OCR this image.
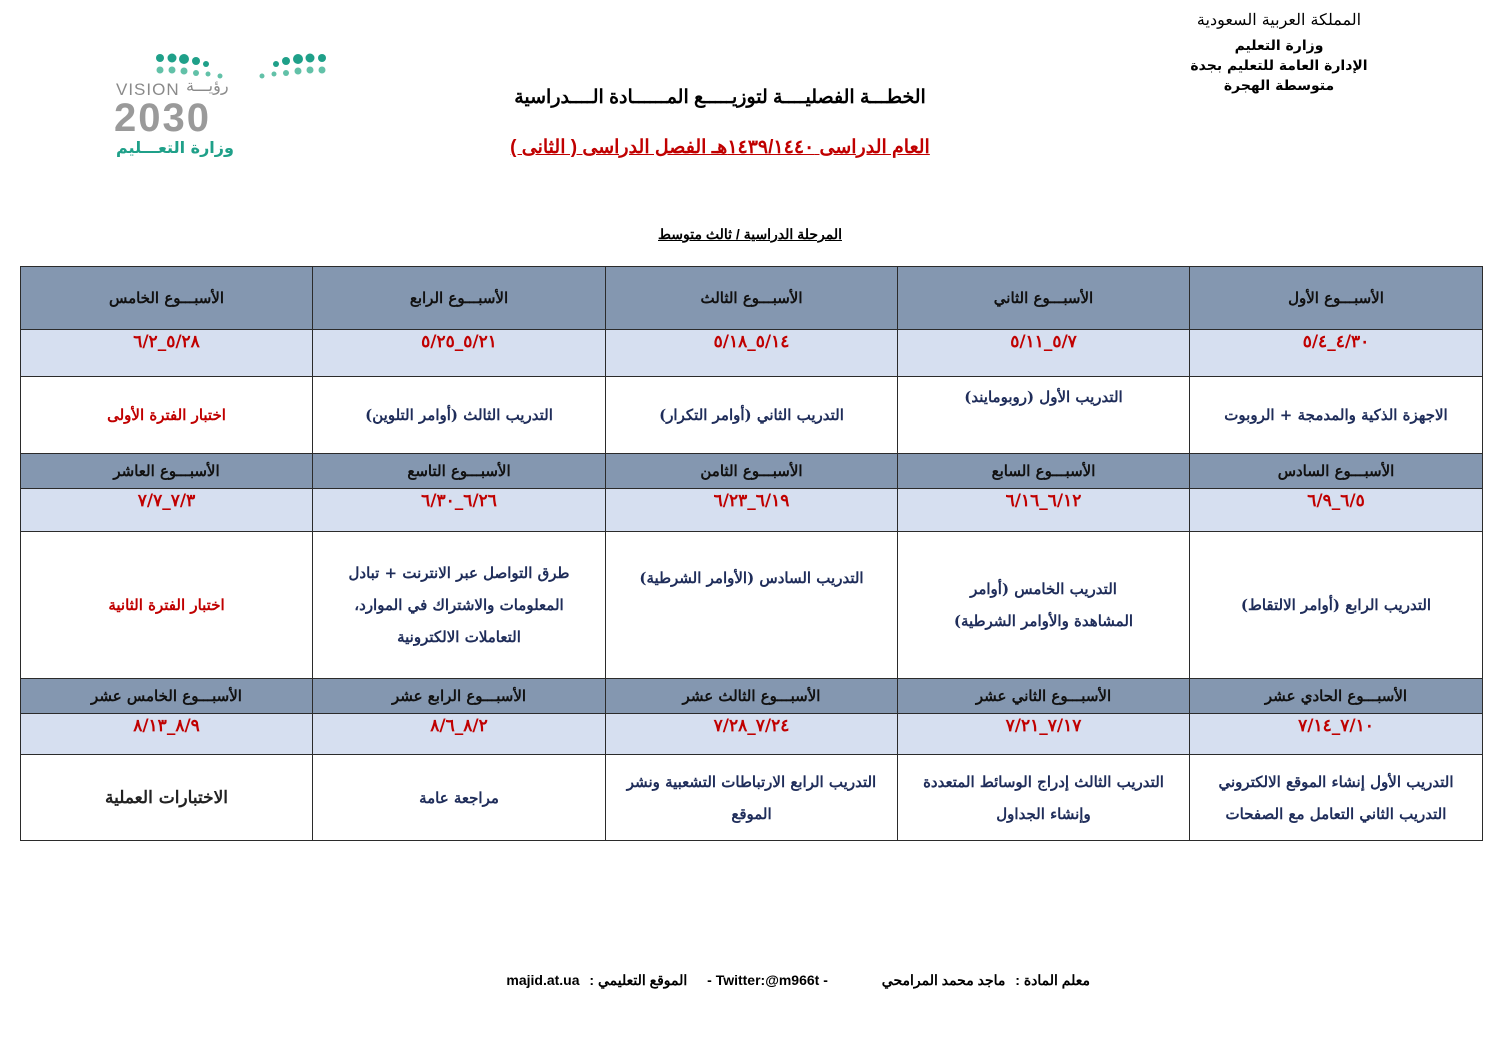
المملكة العربية السعودية
وزارة التعليم
الإدارة العامة للتعليم بجدة
متوسطة الهجرة
VISION رؤيـــة
2030
وزارة التعـــليم
الخطـــة الفصليــــة لتوزيـــــع المــــــادة الــــدراسية
العام الدراسى ١٤٣٩/١٤٤٠هـ الفصل الدراسى ( الثانى )
المرحلة الدراسية / ثالث متوسط
الأسبـــوع الأول	الأسبـــوع الثاني	الأسبـــوع الثالث	الأسبـــوع الرابع	الأسبـــوع الخامس
٤/٣٠_٥/٤	٥/٧_٥/١١	٥/١٤_٥/١٨	٥/٢١_٥/٢٥	٥/٢٨_٦/٢
الاجهزة الذكية والمدمجة + الروبوت	التدريب الأول (روبومايند)	التدريب الثاني (أوامر التكرار)	التدريب الثالث (أوامر التلوين)	اختبار الفترة الأولى
الأسبـــوع السادس	الأسبـــوع السابع	الأسبـــوع الثامن	الأسبـــوع التاسع	الأسبـــوع العاشر
٦/٥_٦/٩	٦/١٢_٦/١٦	٦/١٩_٦/٢٣	٦/٢٦_٦/٣٠	٧/٣_٧/٧
التدريب الرابع (أوامر الالتقاط)	التدريب الخامس (أوامر المشاهدة والأوامر الشرطية)	التدريب السادس (الأوامر الشرطية)	طرق التواصل عبر الانترنت + تبادل المعلومات والاشتراك في الموارد، التعاملات الالكترونية	اختبار الفترة الثانية
الأسبـــوع الحادي عشر	الأسبـــوع الثاني عشر	الأسبـــوع الثالث عشر	الأسبـــوع الرابع عشر	الأسبـــوع الخامس عشر
٧/١٠_٧/١٤	٧/١٧_٧/٢١	٧/٢٤_٧/٢٨	٨/٢_٨/٦	٨/٩_٨/١٣
التدريب الأول إنشاء الموقع الالكتروني التدريب الثاني التعامل مع الصفحات	التدريب الثالث إدراج الوسائط المتعددة وإنشاء الجداول	التدريب الرابع الارتباطات التشعبية ونشر الموقع	مراجعة عامة	الاختبارات العملية
معلم المادة : ماجد محمد المرامحي - Twitter:@m966t - الموقع التعليمي : majid.at.ua
